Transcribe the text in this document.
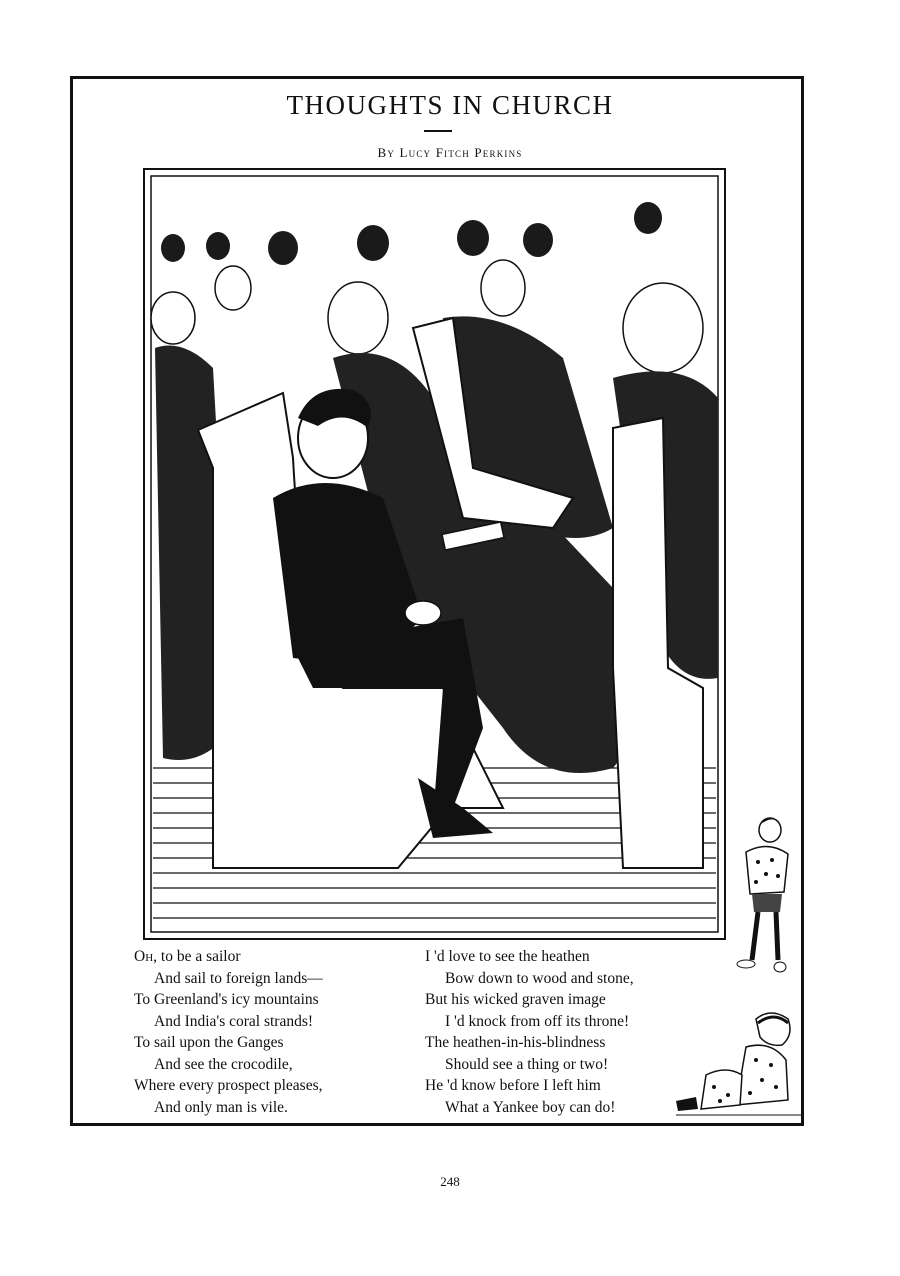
THOUGHTS IN CHURCH
By Lucy Fitch Perkins
Oh, to be a sailor
And sail to foreign lands—
To Greenland's icy mountains
And India's coral strands!
To sail upon the Ganges
And see the crocodile,
Where every prospect pleases,
And only man is vile.
I 'd love to see the heathen
Bow down to wood and stone,
But his wicked graven image
I 'd knock from off its throne!
The heathen-in-his-blindness
Should see a thing or two!
He 'd know before I left him
What a Yankee boy can do!
248
